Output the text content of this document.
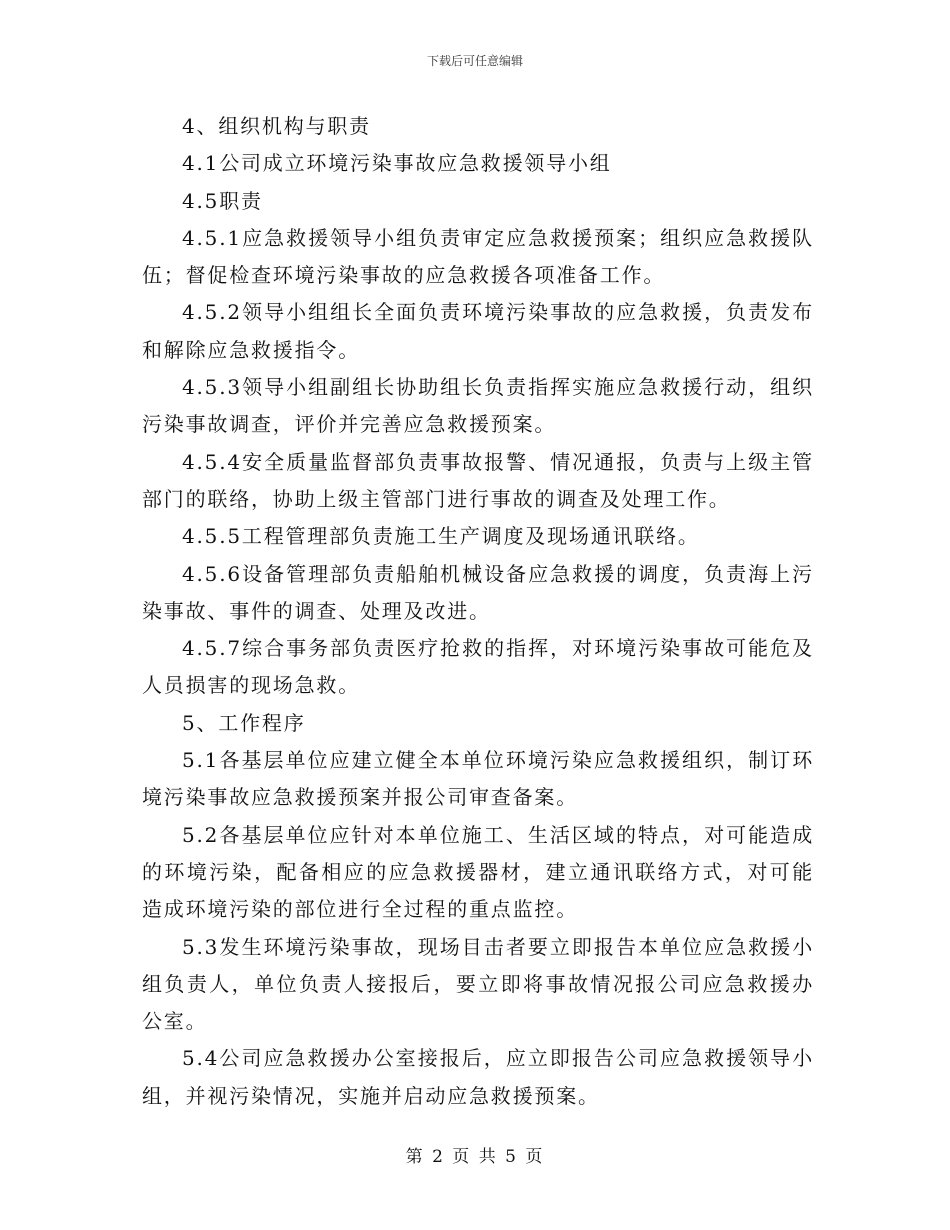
下载后可任意编辑

4、组织机构与职责

4.1公司成立环境污染事故应急救援领导小组

4.5职责

4.5.1应急救援领导小组负责审定应急救援预案；组织应急救援队伍；督促检查环境污染事故的应急救援各项准备工作。

4.5.2领导小组组长全面负责环境污染事故的应急救援，负责发布和解除应急救援指令。

4.5.3领导小组副组长协助组长负责指挥实施应急救援行动，组织污染事故调查，评价并完善应急救援预案。

4.5.4安全质量监督部负责事故报警、情况通报，负责与上级主管部门的联络，协助上级主管部门进行事故的调查及处理工作。

4.5.5工程管理部负责施工生产调度及现场通讯联络。

4.5.6设备管理部负责船舶机械设备应急救援的调度，负责海上污染事故、事件的调查、处理及改进。

4.5.7综合事务部负责医疗抢救的指挥，对环境污染事故可能危及人员损害的现场急救。

5、工作程序

5.1各基层单位应建立健全本单位环境污染应急救援组织，制订环境污染事故应急救援预案并报公司审查备案。

5.2各基层单位应针对本单位施工、生活区域的特点，对可能造成的环境污染，配备相应的应急救援器材，建立通讯联络方式，对可能造成环境污染的部位进行全过程的重点监控。

5.3发生环境污染事故，现场目击者要立即报告本单位应急救援小组负责人，单位负责人接报后，要立即将事故情况报公司应急救援办公室。

5.4公司应急救援办公室接报后，应立即报告公司应急救援领导小组，并视污染情况，实施并启动应急救援预案。

第 2 页 共 5 页
